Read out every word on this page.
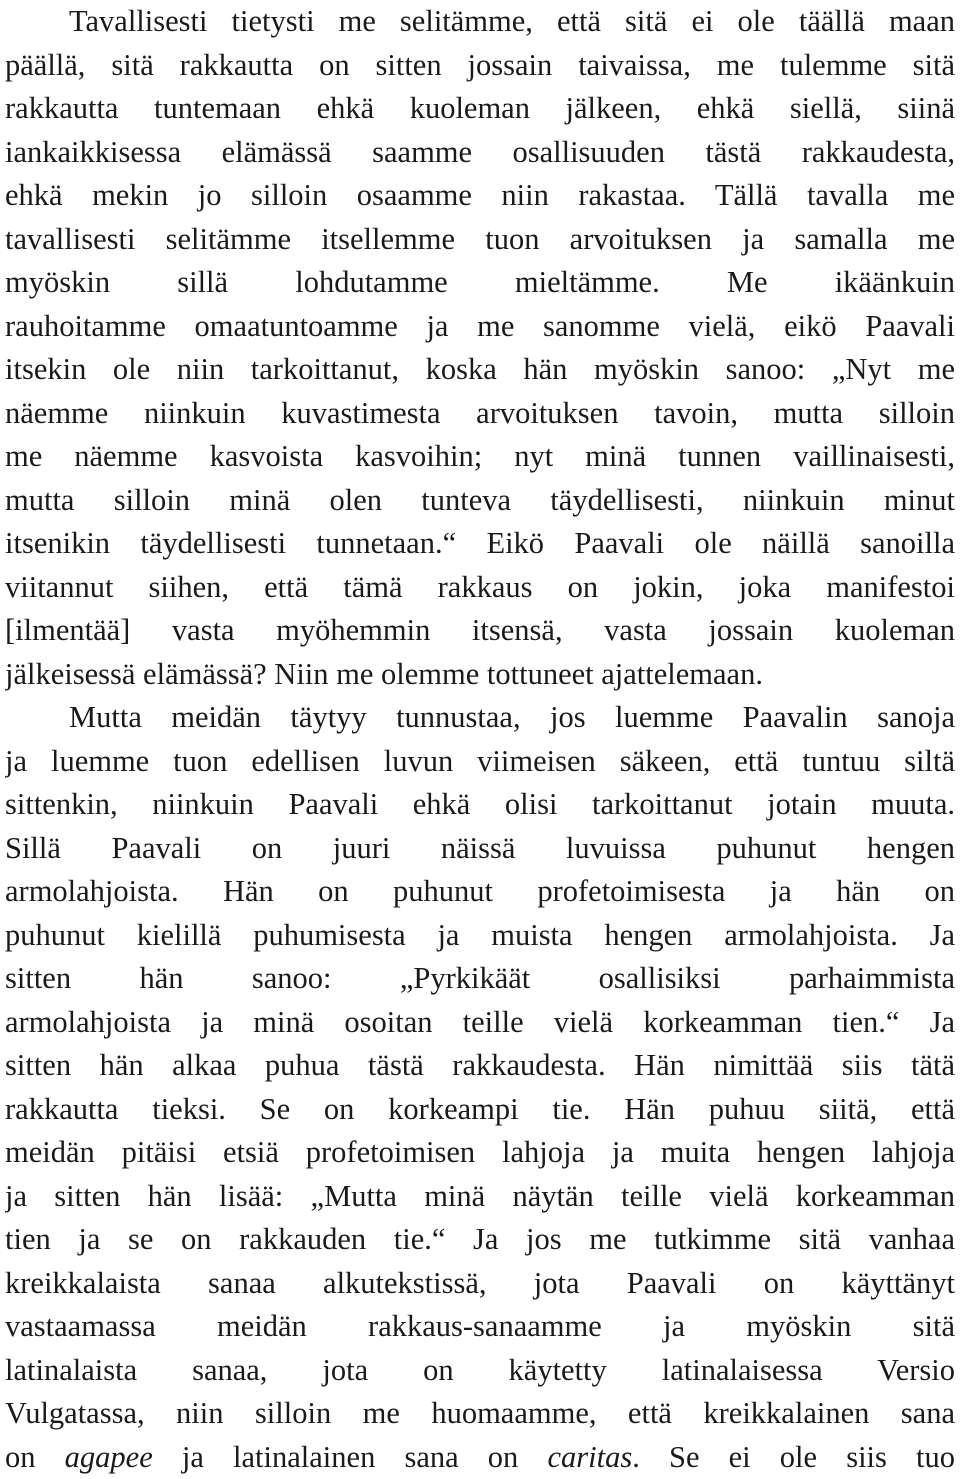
Tavallisesti tietysti me selitämme, että sitä ei ole täällä maan
päällä, sitä rakkautta on sitten jossain taivaissa, me tulemme sitä
rakkautta tuntemaan ehkä kuoleman jälkeen, ehkä siellä, siinä
iankaikkisessa elämässä saamme osallisuuden tästä rakkaudesta,
ehkä mekin jo silloin osaamme niin rakastaa. Tällä tavalla me
tavallisesti selitämme itsellemme tuon arvoituksen ja samalla me
myöskin sillä lohdutamme mieltämme. Me ikäänkuin
rauhoitamme omaatuntoamme ja me sanomme vielä, eikö Paavali
itsekin ole niin tarkoittanut, koska hän myöskin sanoo: „Nyt me
näemme niinkuin kuvastimesta arvoituksen tavoin, mutta silloin
me näemme kasvoista kasvoihin; nyt minä tunnen vaillinaisesti,
mutta silloin minä olen tunteva täydellisesti, niinkuin minut
itsenikin täydellisesti tunnetaan.“ Eikö Paavali ole näillä sanoilla
viitannut siihen, että tämä rakkaus on jokin, joka manifestoi
[ilmentää] vasta myöhemmin itsensä, vasta jossain kuoleman
jälkeisessä elämässä? Niin me olemme tottuneet ajattelemaan.
Mutta meidän täytyy tunnustaa, jos luemme Paavalin sanoja
ja luemme tuon edellisen luvun viimeisen säkeen, että tuntuu siltä
sittenkin, niinkuin Paavali ehkä olisi tarkoittanut jotain muuta.
Sillä Paavali on juuri näissä luvuissa puhunut hengen
armolahjoista. Hän on puhunut profetoimisesta ja hän on
puhunut kielillä puhumisesta ja muista hengen armolahjoista. Ja
sitten hän sanoo: „Pyrkikäät osallisiksi parhaimmista
armolahjoista ja minä osoitan teille vielä korkeamman tien.“ Ja
sitten hän alkaa puhua tästä rakkaudesta. Hän nimittää siis tätä
rakkautta tieksi. Se on korkeampi tie. Hän puhuu siitä, että
meidän pitäisi etsiä profetoimisen lahjoja ja muita hengen lahjoja
ja sitten hän lisää: „Mutta minä näytän teille vielä korkeamman
tien ja se on rakkauden tie.“ Ja jos me tutkimme sitä vanhaa
kreikkalaista sanaa alkutekstissä, jota Paavali on käyttänyt
vastaamassa meidän rakkaus-sanaamme ja myöskin sitä
latinalaista sanaa, jota on käytetty latinalaisessa Versio
Vulgatassa, niin silloin me huomaamme, että kreikkalainen sana
on agapee ja latinalainen sana on caritas. Se ei ole siis tuo
